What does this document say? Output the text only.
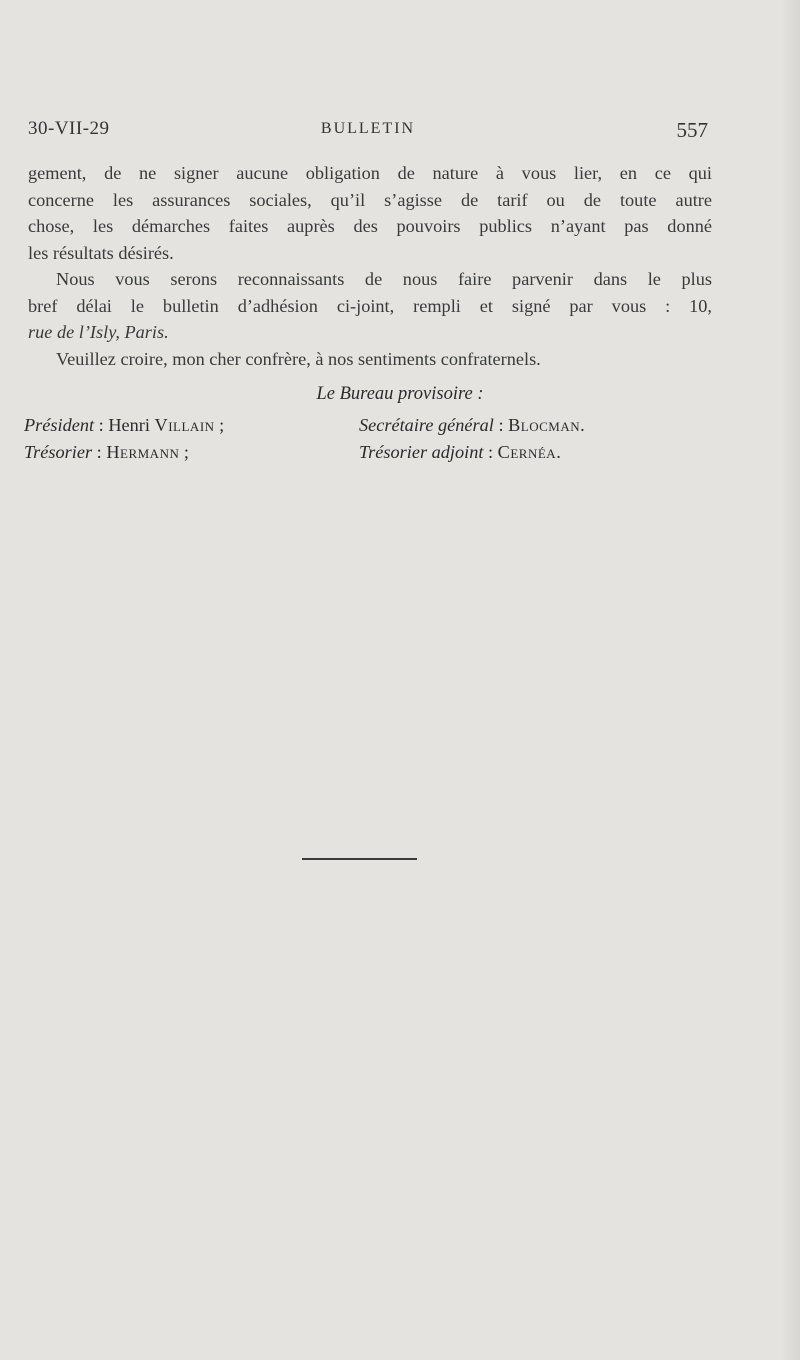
30-VII-29	BULLETIN	557
gement, de ne signer aucune obligation de nature à vous lier, en ce qui
concerne les assurances sociales, qu’il s’agisse de tarif ou de toute autre
chose, les démarches faites auprès des pouvoirs publics n’ayant pas donné
les résultats désirés.
Nous vous serons reconnaissants de nous faire parvenir dans le plus
bref délai le bulletin d’adhésion ci-joint, rempli et signé par vous : 10,
rue de l’Isly, Paris.
Veuillez croire, mon cher confrère, à nos sentiments confraternels.
Le Bureau provisoire :
Président : Henri Villain ;	Secrétaire général : Blocman.
Trésorier : Hermann ;	Trésorier adjoint : Cernéa.
